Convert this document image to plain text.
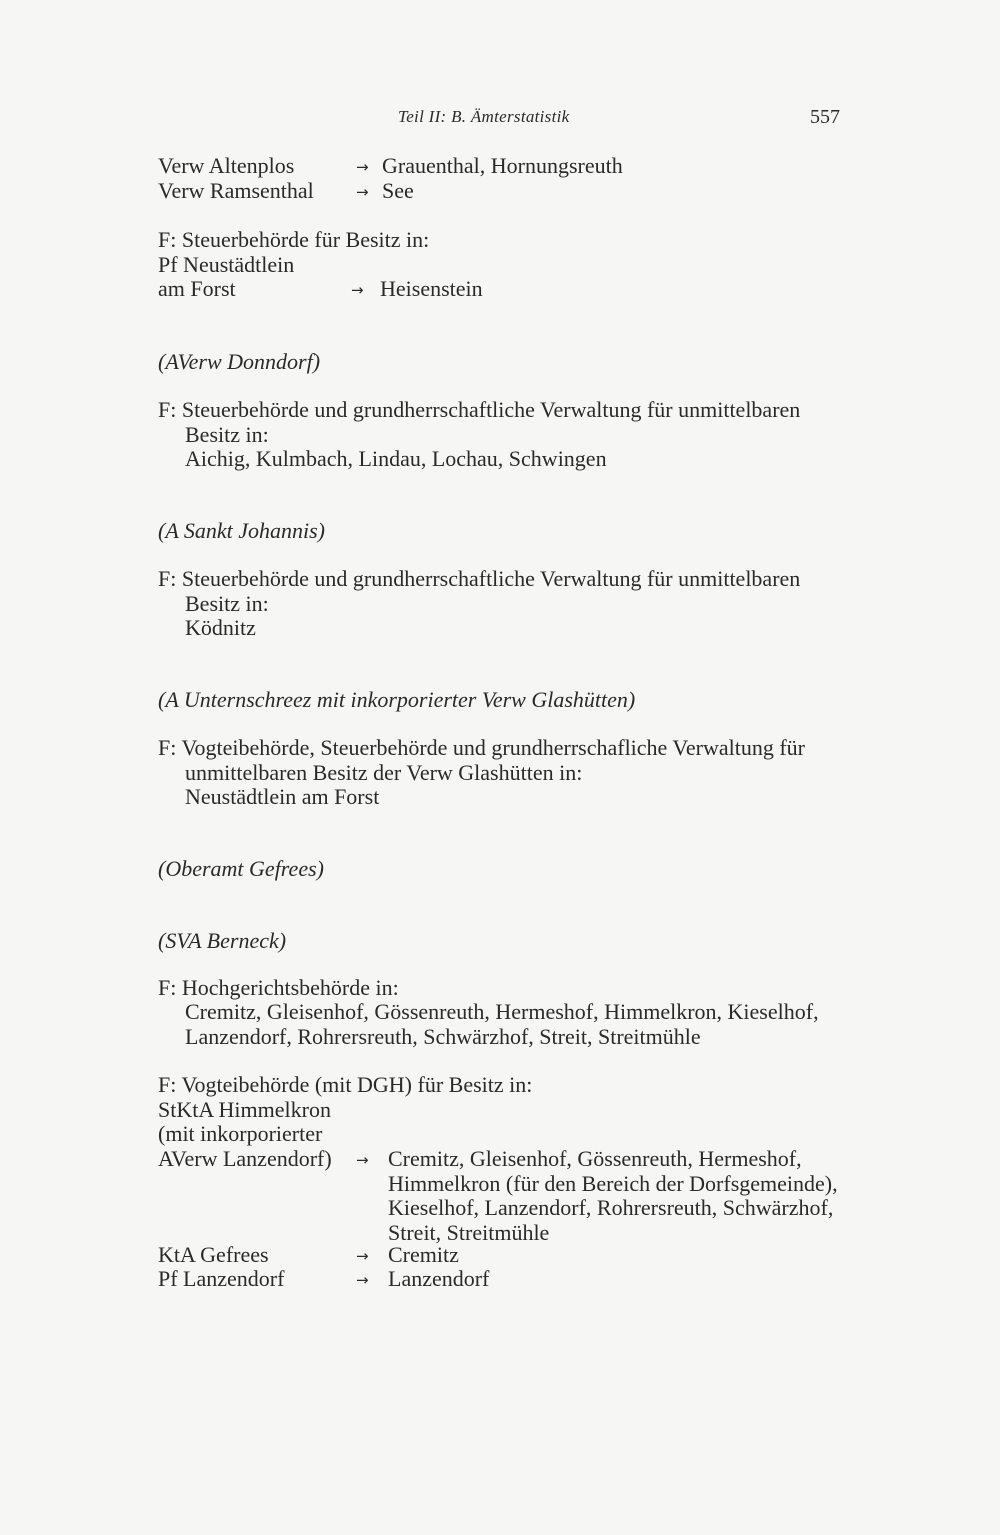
Teil II: B. Ämterstatistik	557
Verw Altenplos	→ Grauenthal, Hornungsreuth
Verw Ramsenthal	→ See
F: Steuerbehörde für Besitz in:
Pf Neustädtlein
am Forst	→ Heisenstein
(AVerw Donndorf)
F: Steuerbehörde und grundherrschaftliche Verwaltung für unmittelbaren
Besitz in:
Aichig, Kulmbach, Lindau, Lochau, Schwingen
(A Sankt Johannis)
F: Steuerbehörde und grundherrschaftliche Verwaltung für unmittelbaren
Besitz in:
Ködnitz
(A Unternschreez mit inkorporierter Verw Glashütten)
F: Vogteibehörde, Steuerbehörde und grundherrschafliche Verwaltung für
unmittelbaren Besitz der Verw Glashütten in:
Neustädtlein am Forst
(Oberamt Gefrees)
(SVA Berneck)
F: Hochgerichtsbehörde in:
Cremitz, Gleisenhof, Gössenreuth, Hermeshof, Himmelkron, Kieselhof,
Lanzendorf, Rohrersreuth, Schwärzhof, Streit, Streitmühle
F: Vogteibehörde (mit DGH) für Besitz in:
StKtA Himmelkron
(mit inkorporierter
AVerw Lanzendorf) → Cremitz, Gleisenhof, Gössenreuth, Hermeshof,
Himmelkron (für den Bereich der Dorfsgemeinde),
Kieselhof, Lanzendorf, Rohrersreuth, Schwärzhof,
Streit, Streitmühle
KtA Gefrees	→ Cremitz
Pf Lanzendorf	→ Lanzendorf
